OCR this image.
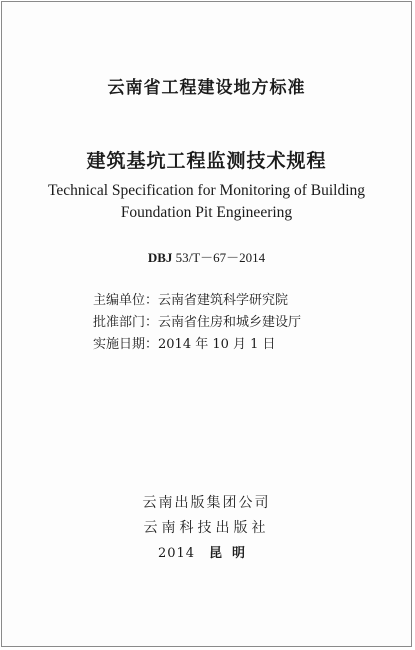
云南省工程建设地方标准
建筑基坑工程监测技术规程
Technical Specification for Monitoring of Building
Foundation Pit Engineering
DBJ 53/T－67－2014
主编单位：云南省建筑科学研究院
批准部门：云南省住房和城乡建设厅
实施日期：2014 年 10 月 1 日
云南出版集团公司
云南科技出版社
2014 昆明
